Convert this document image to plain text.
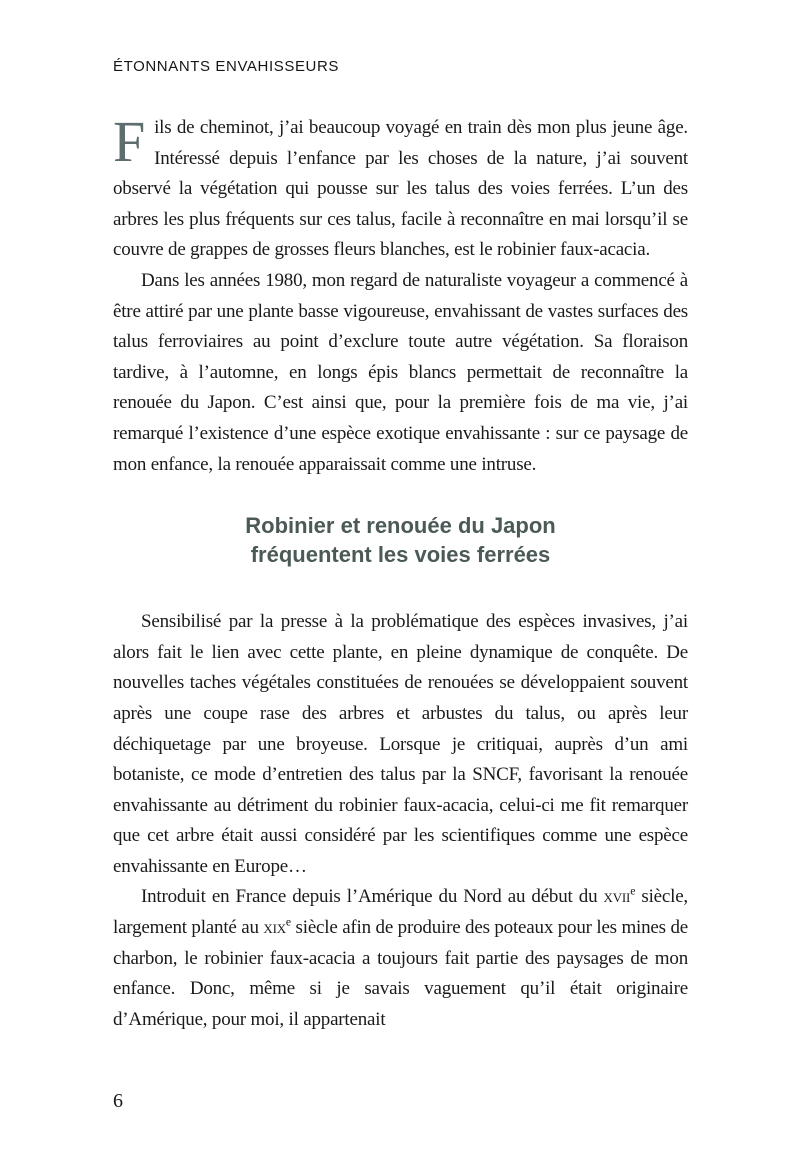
ÉTONNANTS ENVAHISSEURS

Fils de cheminot, j’ai beaucoup voyagé en train dès mon plus jeune âge. Intéressé depuis l’enfance par les choses de la nature, j’ai souvent observé la végétation qui pousse sur les talus des voies ferrées. L’un des arbres les plus fréquents sur ces talus, facile à reconnaître en mai lorsqu’il se couvre de grappes de grosses fleurs blanches, est le robinier faux-acacia.

Dans les années 1980, mon regard de naturaliste voyageur a commencé à être attiré par une plante basse vigoureuse, envahissant de vastes surfaces des talus ferroviaires au point d’exclure toute autre végétation. Sa floraison tardive, à l’automne, en longs épis blancs permettait de reconnaître la renouée du Japon. C’est ainsi que, pour la première fois de ma vie, j’ai remarqué l’existence d’une espèce exotique envahissante : sur ce paysage de mon enfance, la renouée apparaissait comme une intruse.

Robinier et renouée du Japon
fréquentent les voies ferrées

Sensibilisé par la presse à la problématique des espèces invasives, j’ai alors fait le lien avec cette plante, en pleine dynamique de conquête. De nouvelles taches végétales constituées de renouées se développaient souvent après une coupe rase des arbres et arbustes du talus, ou après leur déchiquetage par une broyeuse. Lorsque je critiquai, auprès d’un ami botaniste, ce mode d’entretien des talus par la SNCF, favorisant la renouée envahissante au détriment du robinier faux-acacia, celui-ci me fit remarquer que cet arbre était aussi considéré par les scientifiques comme une espèce envahissante en Europe…

Introduit en France depuis l’Amérique du Nord au début du xvii$^e$ siècle, largement planté au xix$^e$ siècle afin de produire des poteaux pour les mines de charbon, le robinier faux-acacia a toujours fait partie des paysages de mon enfance. Donc, même si je savais vaguement qu’il était originaire d’Amérique, pour moi, il appartenait

6
